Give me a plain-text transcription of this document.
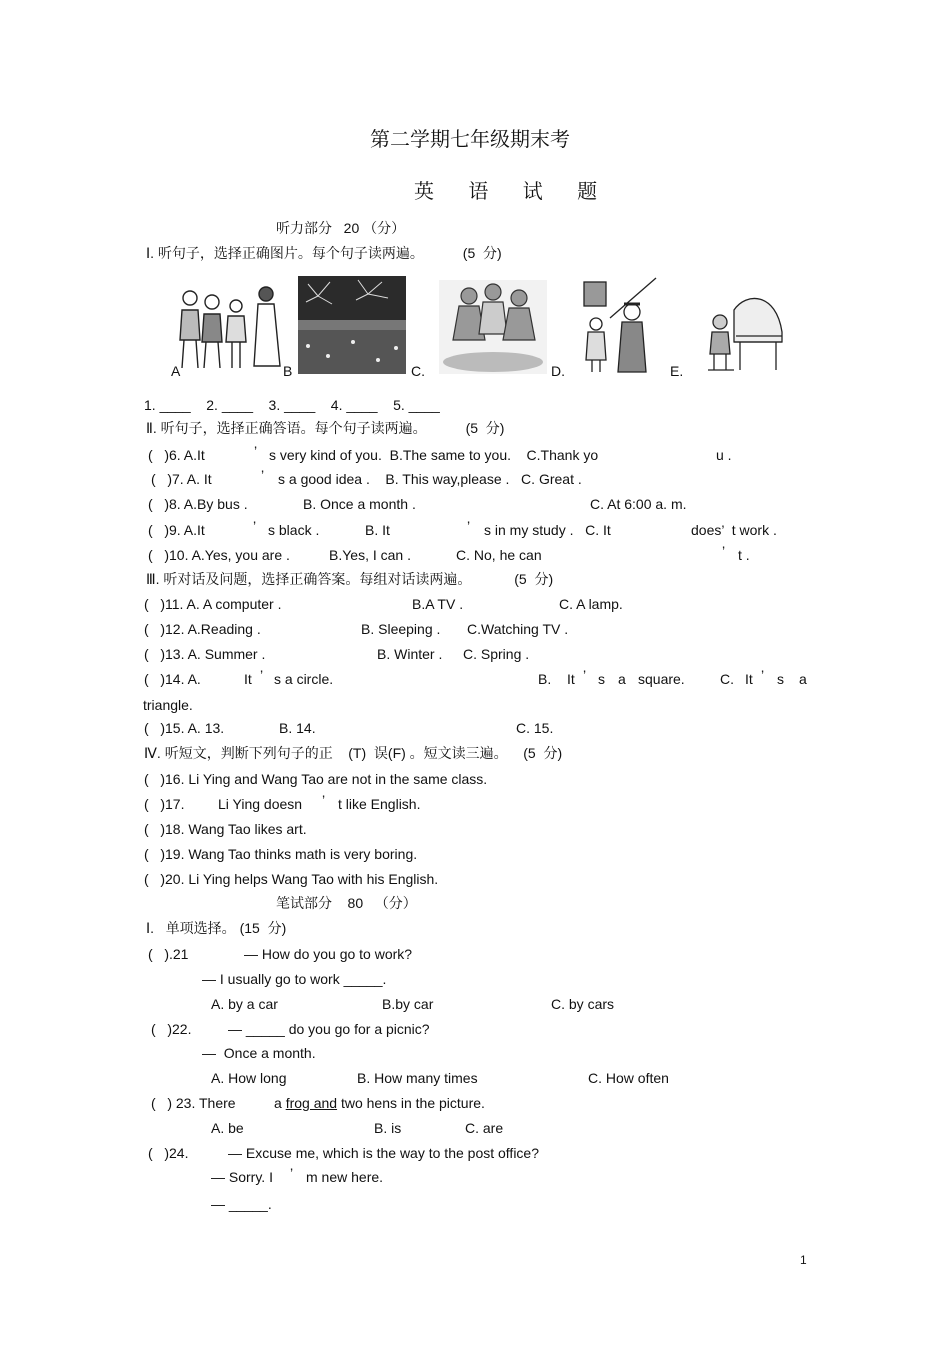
第二学期七年级期末考
英 语 试 题
听力部分   20 （分）
Ⅰ. 听句子，选择正确图片。每个句子读两遍。          (5  分)
A	B	C.	D.	E.
1. ____    2. ____    3. ____    4. ____    5. ____
Ⅱ. 听句子，选择正确答语。每个句子读两遍。          (5  分)
(   )6. A.It	’ s very kind of you.  B.The same to you.    C.Thank yo	u .
(   )7. A. It	’ s a good idea .    B. This way,please .   C. Great .
(   )8. A.By bus .	B. Once a month .	C. At 6:00 a. m.
(   )9. A.It	’ s black .	B. It	’ s in my study .   C. It	does’  t work .
(   )10. A.Yes, you are .	B.Yes, I can .	C. No, he can	’ t .
Ⅲ. 听对话及问题，选择正确答案。每组对话读两遍。           (5  分)
(   )11. A. A computer .	B.A TV .	C. A lamp.
(   )12. A.Reading .	B. Sleeping . C.Watching TV .
(   )13. A. Summer .	B. Winter . C. Spring .
(   )14. A.	It ’ s a circle.	B. It ’ s a square.	C. It ’ s a
triangle.
(   )15. A. 13.	B. 14.	C. 15.
Ⅳ. 听短文，判断下列句子的正    (T)  误(F) 。短文读三遍。    (5  分)
(   )16. Li Ying and Wang Tao are not in the same class.
(   )17. Li Ying doesn ’ t like English.
(   )18. Wang Tao likes art.
(   )19. Wang Tao thinks math is very boring.
(   )20. Li Ying helps Wang Tao with his English.
笔试部分    80   （分）
Ⅰ.   单项选择。 (15  分)
(   ).21	— How do you go to work?
— I usually go to work _____.
A. by a car	B.by car	C. by cars
(   )22.	— _____ do you go for a picnic?
—  Once a month.
A. How long	B. How many times	C. How often
(   ) 23. There	a frog and two hens in the picture.
A. be	B. is	C. are
(   )24.	— Excuse me, which is the way to the post office?
— Sorry. I ’ m new here.
— _____.
1
